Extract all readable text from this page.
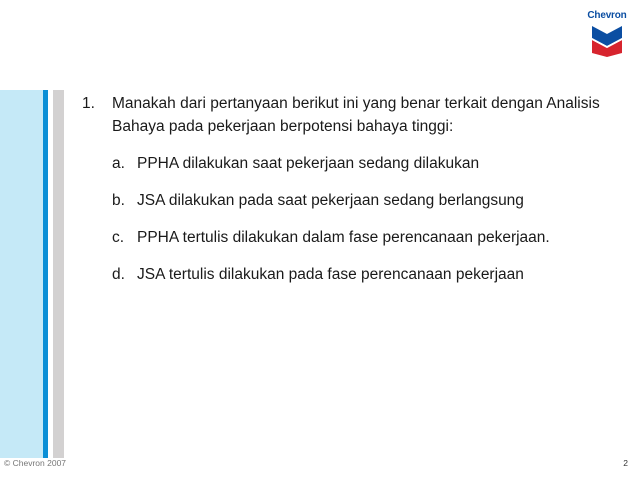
Chevron
1.	Manakah dari pertanyaan berikut ini yang benar terkait dengan Analisis Bahaya pada pekerjaan berpotensi bahaya tinggi:
a. PPHA dilakukan saat pekerjaan sedang dilakukan
b. JSA dilakukan pada saat pekerjaan sedang berlangsung
c. PPHA tertulis dilakukan dalam fase perencanaan pekerjaan.
d. JSA tertulis dilakukan pada fase perencanaan pekerjaan
© Chevron 2007	2
